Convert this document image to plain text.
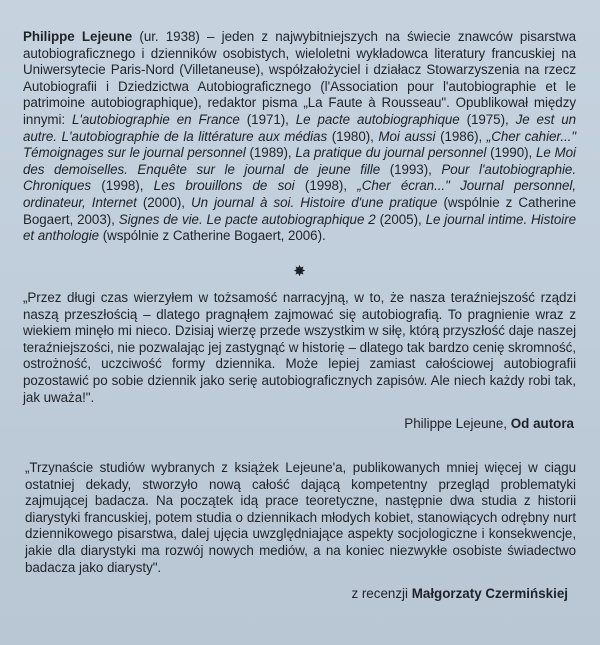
Philippe Lejeune (ur. 1938) – jeden z najwybitniejszych na świecie znawców pisarstwa autobiograficznego i dzienników osobistych, wieloletni wykładowca literatury francuskiej na Uniwersytecie Paris-Nord (Villetaneuse), współzałożyciel i działacz Stowarzyszenia na rzecz Autobiografii i Dziedzictwa Autobiograficznego (l'Association pour l'autobiographie et le patrimoine autobiographique), redaktor pisma „La Faute à Rousseau". Opublikował między innymi: L'autobiographie en France (1971), Le pacte autobiographique (1975), Je est un autre. L'autobiographie de la littérature aux médias (1980), Moi aussi (1986), „Cher cahier..." Témoignages sur le journal personnel (1989), La pratique du journal personnel (1990), Le Moi des demoiselles. Enquête sur le journal de jeune fille (1993), Pour l'autobiographie. Chroniques (1998), Les brouillons de soi (1998), „Cher écran..." Journal personnel, ordinateur, Internet (2000), Un journal à soi. Histoire d'une pratique (wspólnie z Catherine Bogaert, 2003), Signes de vie. Le pacte autobiographique 2 (2005), Le journal intime. Histoire et anthologie (wspólnie z Catherine Bogaert, 2006).

✸

„Przez długi czas wierzyłem w tożsamość narracyjną, w to, że nasza teraźniejszość rządzi naszą przeszłością – dlatego pragnąłem zajmować się autobiografią. To pragnienie wraz z wiekiem minęło mi nieco. Dzisiaj wierzę przede wszystkim w siłę, którą przyszłość daje naszej teraźniejszości, nie pozwalając jej zastygnąć w historię – dlatego tak bardzo cenię skromność, ostrożność, uczciwość formy dziennika. Może lepiej zamiast całościowej autobiografii pozostawić po sobie dziennik jako serię autobiograficznych zapisów. Ale niech każdy robi tak, jak uważa!".

Philippe Lejeune, Od autora

„Trzynaście studiów wybranych z książek Lejeune'a, publikowanych mniej więcej w ciągu ostatniej dekady, stworzyło nową całość dającą kompetentny przegląd problematyki zajmującej badacza. Na początek idą prace teoretyczne, następnie dwa studia z historii diarystyki francuskiej, potem studia o dziennikach młodych kobiet, stanowiących odrębny nurt dziennikowego pisarstwa, dalej ujęcia uwzględniające aspekty socjologiczne i konsekwencje, jakie dla diarystyki ma rozwój nowych mediów, a na koniec niezwykłe osobiste świadectwo badacza jako diarysty".

z recenzji Małgorzaty Czermińskiej
